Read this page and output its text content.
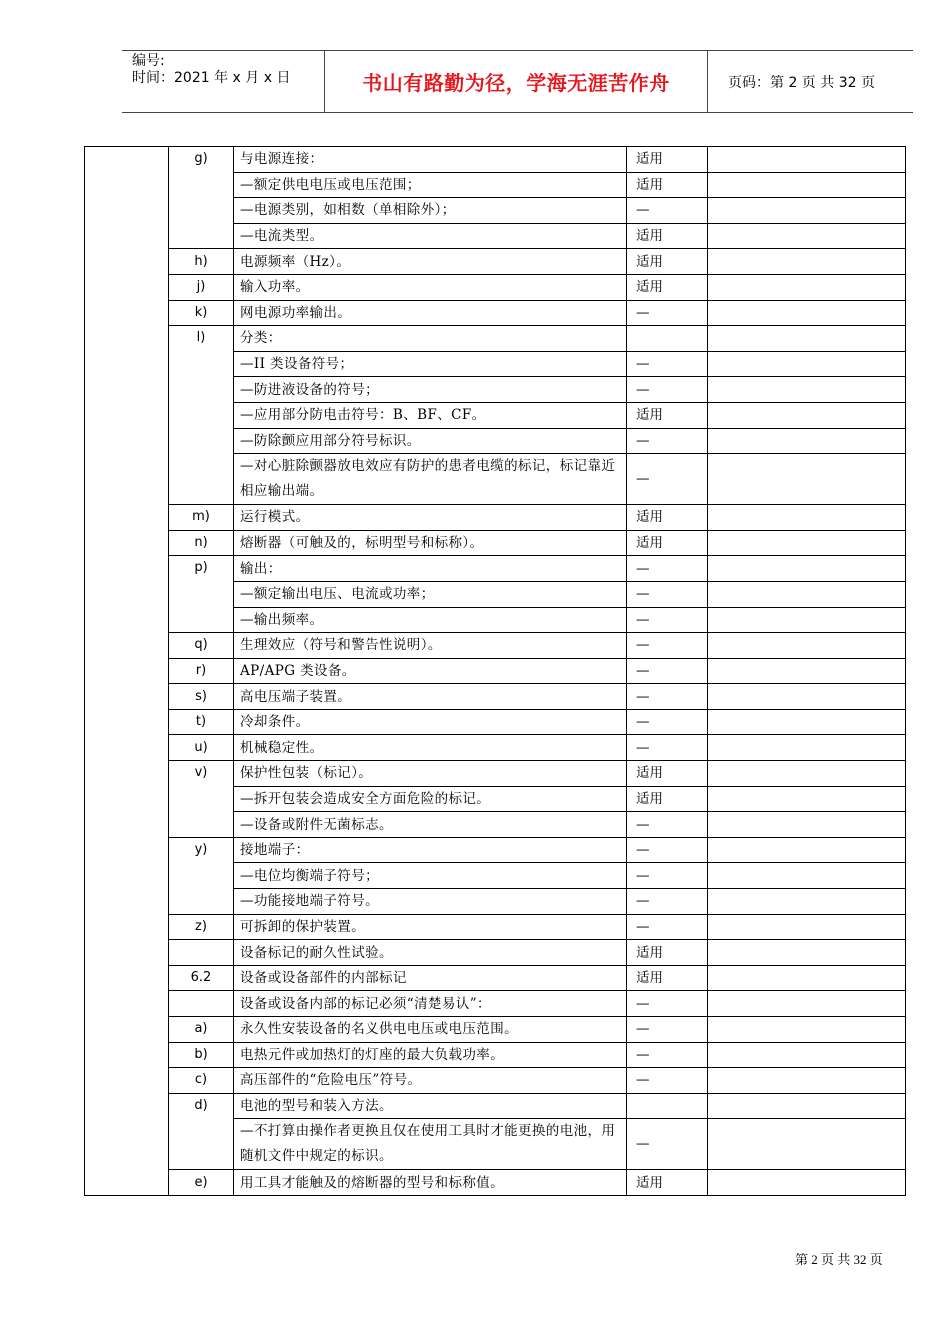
编号:
时间：2021 年 x 月 x 日	书山有路勤为径，学海无涯苦作舟	页码：第 2 页 共 32 页
	g)	与电源连接：	适用	
		—额定供电电压或电压范围；	适用	
		—电源类别，如相数（单相除外）；	—	
		—电流类型。	适用	
	h)	电源频率（Hz）。	适用	
	j)	输入功率。	适用	
	k)	网电源功率输出。	—	
	l)	分类：		
		—II 类设备符号；	—	
		—防进液设备的符号；	—	
		—应用部分防电击符号：B、BF、CF。	适用	
		—防除颤应用部分符号标识。	—	
		—对心脏除颤器放电效应有防护的患者电缆的标记，标记靠近相应输出端。	—	
	m)	运行模式。	适用	
	n)	熔断器（可触及的，标明型号和标称）。	适用	
	p)	输出：	—	
		—额定输出电压、电流或功率；	—	
		—输出频率。	—	
	q)	生理效应（符号和警告性说明）。	—	
	r)	AP/APG 类设备。	—	
	s)	高电压端子装置。	—	
	t)	冷却条件。	—	
	u)	机械稳定性。	—	
	v)	保护性包装（标记）。	适用	
		—拆开包装会造成安全方面危险的标记。	适用	
		—设备或附件无菌标志。	—	
	y)	接地端子：	—	
		—电位均衡端子符号；	—	
		—功能接地端子符号。	—	
	z)	可拆卸的保护装置。	—	
		设备标记的耐久性试验。	适用	
	6.2	设备或设备部件的内部标记	适用	
		设备或设备内部的标记必须“清楚易认”：	—	
	a)	永久性安装设备的名义供电电压或电压范围。	—	
	b)	电热元件或加热灯的灯座的最大负载功率。	—	
	c)	高压部件的“危险电压”符号。	—	
	d)	电池的型号和装入方法。		
		—不打算由操作者更换且仅在使用工具时才能更换的电池，用随机文件中规定的标识。	—	
	e)	用工具才能触及的熔断器的型号和标称值。	适用	
第 2 页 共 32 页
